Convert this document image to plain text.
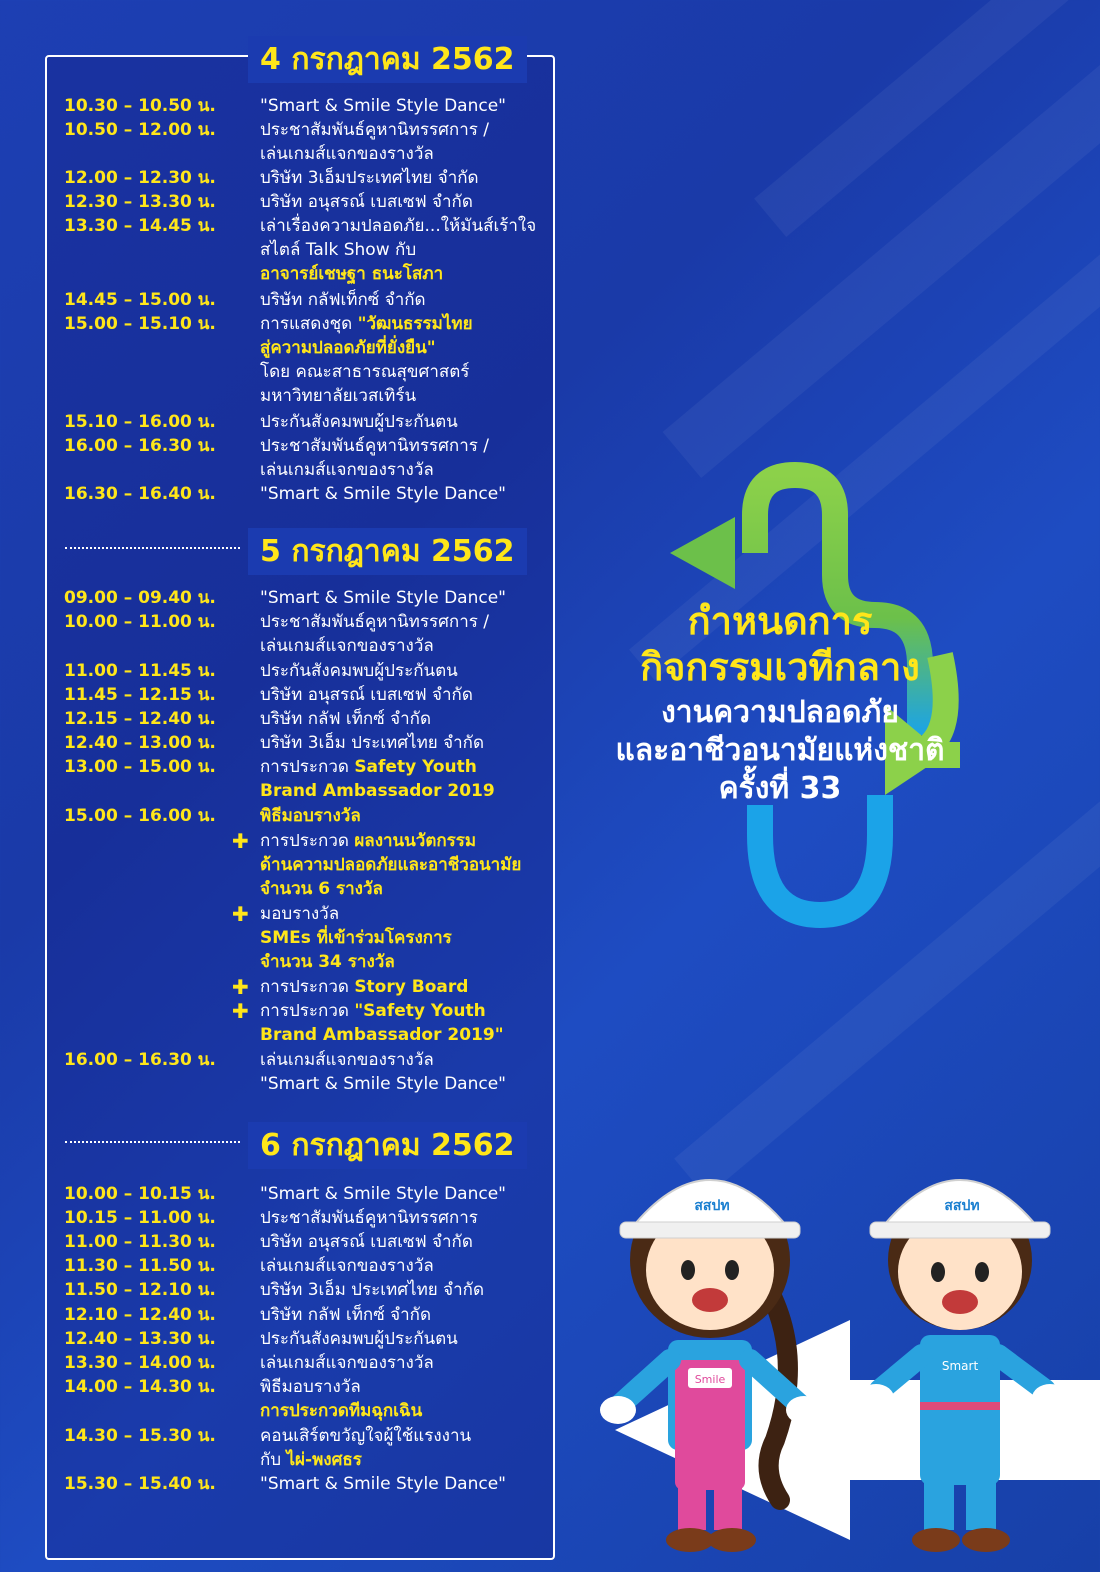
กำหนดการ
กิจกรรมเวทีกลาง
งานความปลอดภัย
และอาชีวอนามัยแห่งชาติ
ครั้งที่ 33
สสปท
Smile
สสปท
Smart
4 กรกฎาคม 2562
10.30 – 10.50 น.	"Smart & Smile Style Dance"
10.50 – 12.00 น.	ประชาสัมพันธ์คูหานิทรรศการ /
เล่นเกมส์แจกของรางวัล
12.00 – 12.30 น.	บริษัท 3เอ็มประเทศไทย จำกัด
12.30 – 13.30 น.	บริษัท อนุสรณ์ เบสเซฟ จำกัด
13.30 – 14.45 น.	เล่าเรื่องความปลอดภัย...ให้มันส์เร้าใจ
สไตล์ Talk Show กับ
อาจารย์เชษฐา ธนะโสภา
14.45 – 15.00 น.	บริษัท กลัฟเท็กซ์ จำกัด
15.00 – 15.10 น.	การแสดงชุด "วัฒนธรรมไทย
สู่ความปลอดภัยที่ยั่งยืน"
โดย คณะสาธารณสุขศาสตร์
มหาวิทยาลัยเวสเทิร์น
15.10 – 16.00 น.	ประกันสังคมพบผู้ประกันตน
16.00 – 16.30 น.	ประชาสัมพันธ์คูหานิทรรศการ /
เล่นเกมส์แจกของรางวัล
16.30 – 16.40 น.	"Smart & Smile Style Dance"
5 กรกฎาคม 2562
09.00 – 09.40 น.	"Smart & Smile Style Dance"
10.00 – 11.00 น.	ประชาสัมพันธ์คูหานิทรรศการ /
เล่นเกมส์แจกของรางวัล
11.00 – 11.45 น.	ประกันสังคมพบผู้ประกันตน
11.45 – 12.15 น.	บริษัท อนุสรณ์ เบสเซฟ จำกัด
12.15 – 12.40 น.	บริษัท กลัฟ เท็กซ์ จำกัด
12.40 – 13.00 น.	บริษัท 3เอ็ม ประเทศไทย จำกัด
13.00 – 15.00 น.	การประกวด Safety Youth
Brand Ambassador 2019
15.00 – 16.00 น.	พิธีมอบรางวัล
✚ การประกวด ผลงานนวัตกรรม
ด้านความปลอดภัยและอาชีวอนามัย
จำนวน 6 รางวัล
✚ มอบรางวัล
SMEs ที่เข้าร่วมโครงการ
จำนวน 34 รางวัล
✚ การประกวด Story Board
✚ การประกวด "Safety Youth
Brand Ambassador 2019"
16.00 – 16.30 น.	เล่นเกมส์แจกของรางวัล
"Smart & Smile Style Dance"
6 กรกฎาคม 2562
10.00 – 10.15 น.	"Smart & Smile Style Dance"
10.15 – 11.00 น.	ประชาสัมพันธ์คูหานิทรรศการ
11.00 – 11.30 น.	บริษัท อนุสรณ์ เบสเซฟ จำกัด
11.30 – 11.50 น.	เล่นเกมส์แจกของรางวัล
11.50 – 12.10 น.	บริษัท 3เอ็ม ประเทศไทย จำกัด
12.10 – 12.40 น.	บริษัท กลัฟ เท็กซ์ จำกัด
12.40 – 13.30 น.	ประกันสังคมพบผู้ประกันตน
13.30 – 14.00 น.	เล่นเกมส์แจกของรางวัล
14.00 – 14.30 น.	พิธีมอบรางวัล
การประกวดทีมฉุกเฉิน
14.30 – 15.30 น.	คอนเสิร์ตขวัญใจผู้ใช้แรงงาน
กับ ไผ่-พงศธร
15.30 – 15.40 น.	"Smart & Smile Style Dance"
